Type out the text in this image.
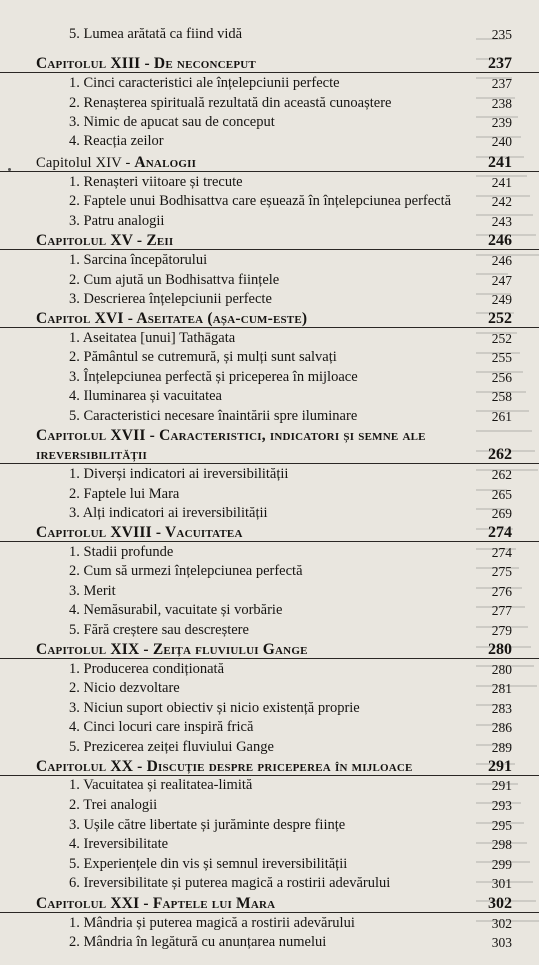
5. Lumea arătată ca fiind vidă	235
Capitolul XIII - De neconceput	237
1. Cinci caracteristici ale înțelepciunii perfecte	237
2. Renașterea spirituală rezultată din această cunoaștere	238
3. Nimic de apucat sau de conceput	239
4. Reacția zeilor	240
Capitolul XIV - Analogii	241
1. Renașteri viitoare și trecute	241
2. Faptele unui Bodhisattva care eșuează în înțelepciunea perfectă	242
3. Patru analogii	243
Capitolul XV - Zeii	246
1. Sarcina începătorului	246
2. Cum ajută un Bodhisattva ființele	247
3. Descrierea înțelepciunii perfecte	249
Capitol XVI - Aseitatea (așa-cum-este)	252
1. Aseitatea [unui] Tathāgata	252
2. Pământul se cutremură, și mulți sunt salvați	255
3. Înțelepciunea perfectă și priceperea în mijloace	256
4. Iluminarea și vacuitatea	258
5. Caracteristici necesare înaintării spre iluminare	261
Capitolul XVII - Caracteristici, indicatori și semne ale
ireversibilității	262
1. Diverși indicatori ai ireversibilității	262
2. Faptele lui Mara	265
3. Alți indicatori ai ireversibilității	269
Capitolul XVIII - Vacuitatea	274
1. Stadii profunde	274
2. Cum să urmezi înțelepciunea perfectă	275
3. Merit	276
4. Nemăsurabil, vacuitate și vorbărie	277
5. Fără creștere sau descreștere	279
Capitolul XIX - Zeița fluviului Gange	280
1. Producerea condiționată	280
2. Nicio dezvoltare	281
3. Niciun suport obiectiv și nicio existență proprie	283
4. Cinci locuri care inspiră frică	286
5. Prezicerea zeiței fluviului Gange	289
Capitolul XX - Discuție despre priceperea în mijloace	291
1. Vacuitatea și realitatea-limită	291
2. Trei analogii	293
3. Ușile către libertate și jurăminte despre ființe	295
4. Ireversibilitate	298
5. Experiențele din vis și semnul ireversibilității	299
6. Ireversibilitate și puterea magică a rostirii adevărului	301
Capitolul XXI - Faptele lui Mara	302
1. Mândria și puterea magică a rostirii adevărului	302
2. Mândria în legătură cu anunțarea numelui	303
